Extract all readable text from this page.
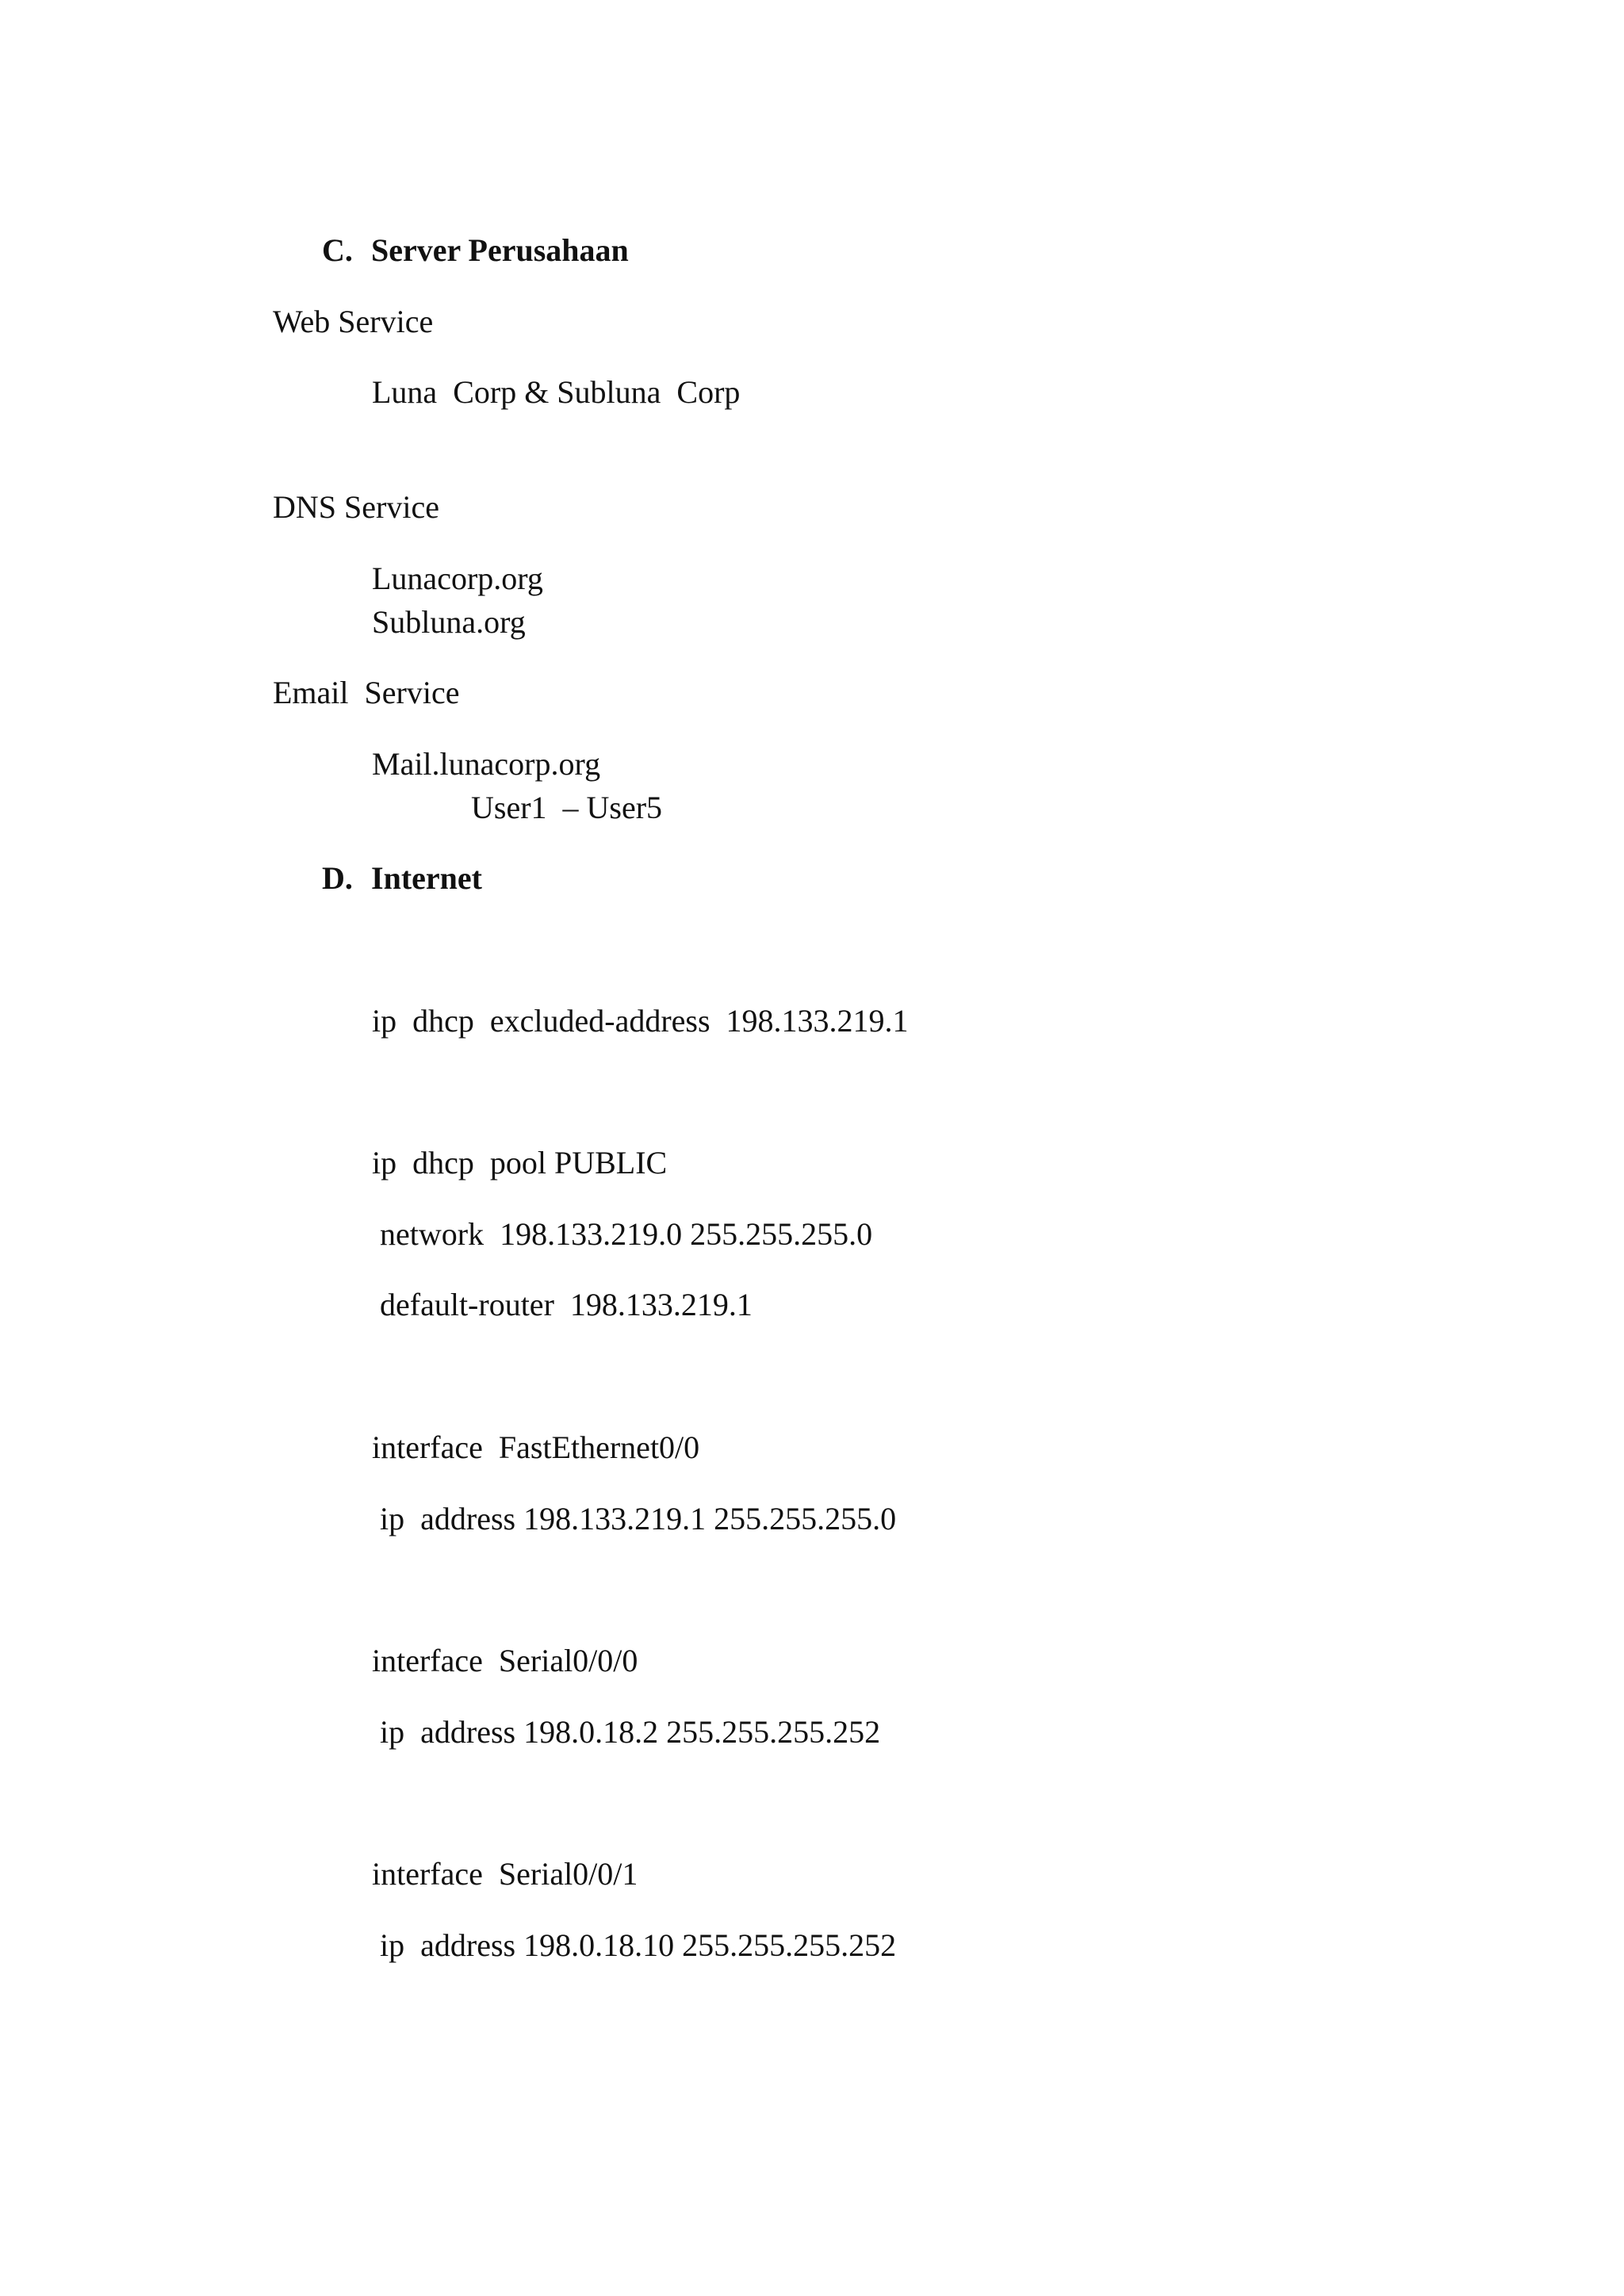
C. Server Perusahaan

Web Service

Luna  Corp & Subluna  Corp

DNS Service

Lunacorp.org

Subluna.org

Email  Service

Mail.lunacorp.org

User1  – User5

D. Internet

ip  dhcp  excluded-address  198.133.219.1

ip  dhcp  pool PUBLIC

network  198.133.219.0 255.255.255.0

default-router  198.133.219.1

interface  FastEthernet0/0

ip  address 198.133.219.1 255.255.255.0

interface  Serial0/0/0

ip  address 198.0.18.2 255.255.255.252

interface  Serial0/0/1

ip  address 198.0.18.10 255.255.255.252
